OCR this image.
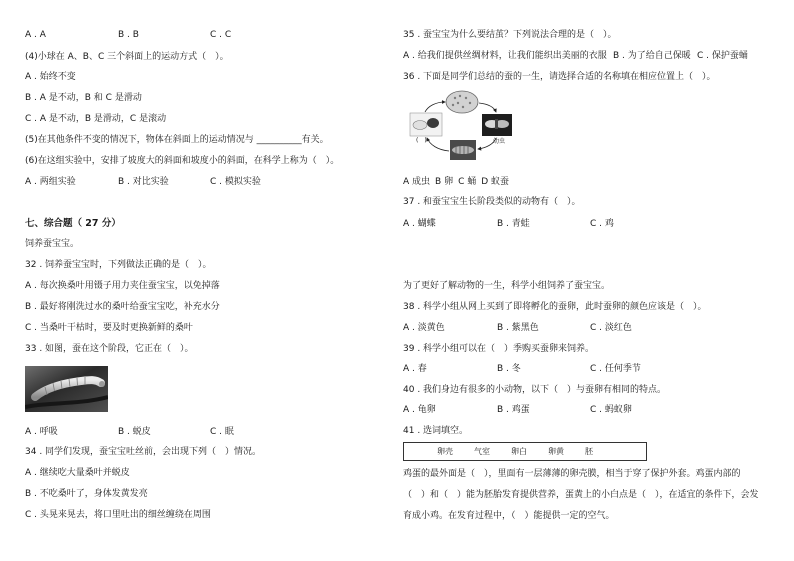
A . A	B . B	C . C
(4)小球在 A、B、C 三个斜面上的运动方式（　）。
A . 始终不变
B . A 是不动，B 和 C 是滑动
C . A 是不动，B 是滑动，C 是滚动
(5)在其他条件不变的情况下，物体在斜面上的运动情况与 __________有关。
(6)在这组实验中，安排了坡度大的斜面和坡度小的斜面，在科学上称为（　）。
A . 两组实验	B . 对比实验	C . 模拟实验
七、综合题（ 27 分）
饲养蚕宝宝。
32 . 饲养蚕宝宝时，下列做法正确的是（　）。
A . 每次换桑叶用镊子用力夹住蚕宝宝，以免掉落
B . 最好将刚洗过水的桑叶给蚕宝宝吃，补充水分
C . 当桑叶干枯时，要及时更换新鲜的桑叶
33 . 如图，蚕在这个阶段，它正在（　）。
A . 呼吸	B . 蜕皮	C . 眠
34 . 同学们发现，蚕宝宝吐丝前，会出现下列（　）情况。
A . 继续吃大量桑叶并蜕皮
B . 不吃桑叶了，身体发黄发亮
C . 头晃来晃去，将口里吐出的细丝缠绕在周围
35 . 蚕宝宝为什么要结茧？下列说法合理的是（　）。
A . 给我们提供丝绸材料，让我们能织出美丽的衣服 B . 为了给自己保暖 C . 保护蚕蛹
36 . 下面是同学们总结的蚕的一生，请选择合适的名称填在相应位置上（　）。
(　)	幼虫
A 成虫 B 卵 C 蛹 D 蚁蚕
37 . 和蚕宝宝生长阶段类似的动物有（　）。
A . 蝴蝶	B . 青蛙	C . 鸡
为了更好了解动物的一生，科学小组饲养了蚕宝宝。
38 . 科学小组从网上买到了即将孵化的蚕卵，此时蚕卵的颜色应该是（　）。
A . 淡黄色	B . 紫黑色	C . 淡红色
39 . 科学小组可以在（　）季购买蚕卵来饲养。
A . 春	B . 冬	C . 任何季节
40 . 我们身边有很多的小动物，以下（　）与蚕卵有相同的特点。
A . 龟卵	B . 鸡蛋	C . 蚂蚁卵
41 . 选词填空。
卵壳	气室	卵白	卵黄	胚
鸡蛋的最外面是（　），里面有一层薄薄的卵壳膜，相当于穿了保护外套。鸡蛋内部的
（　）和（　）能为胚胎发育提供营养，蛋黄上的小白点是（　），在适宜的条件下，会发
育成小鸡。在发育过程中，（　）能提供一定的空气。
